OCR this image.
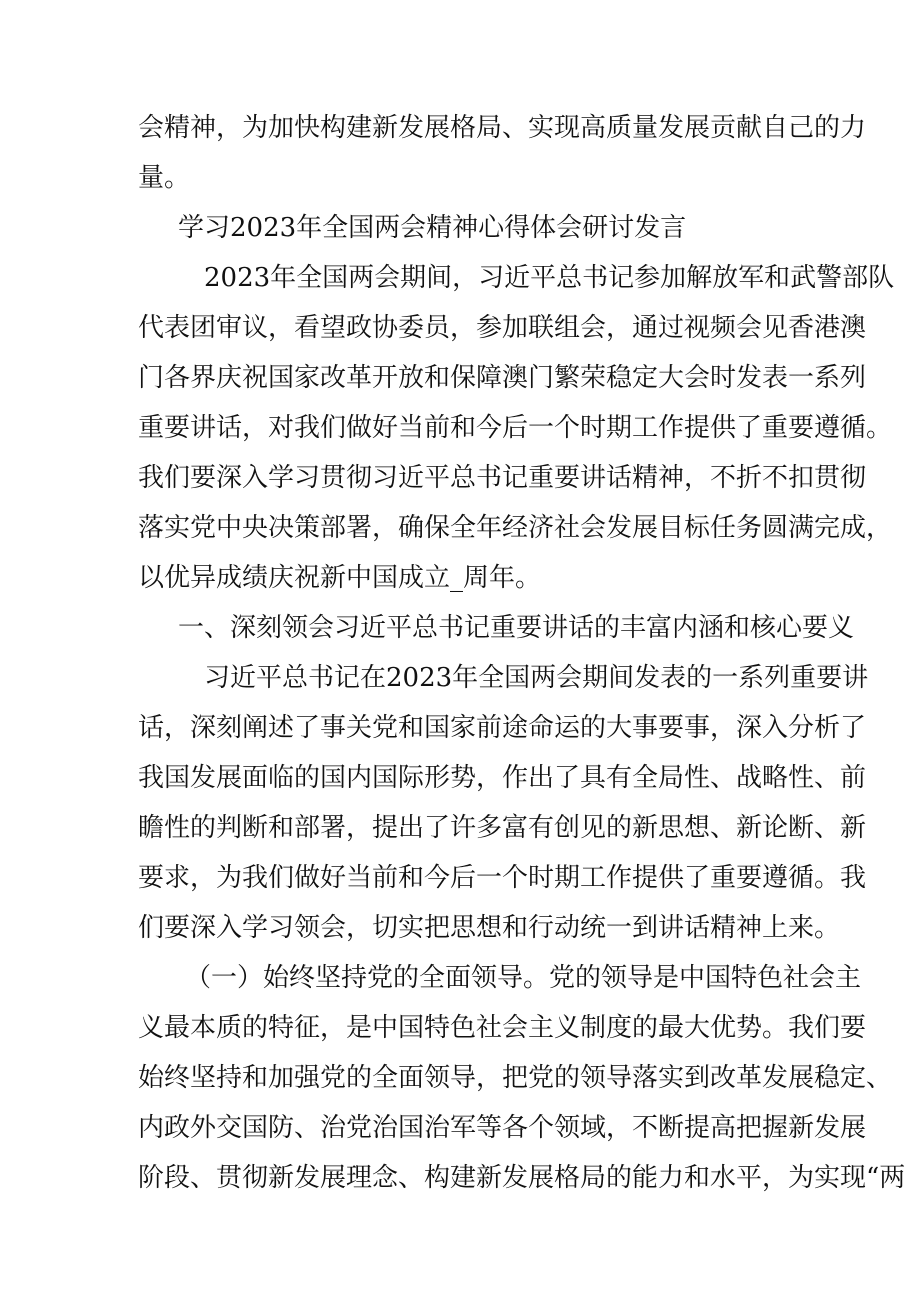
会精神，为加快构建新发展格局、实现高质量发展贡献自己的力
量。
学习2023年全国两会精神心得体会研讨发言
2023年全国两会期间，习近平总书记参加解放军和武警部队
代表团审议，看望政协委员，参加联组会，通过视频会见香港澳
门各界庆祝国家改革开放和保障澳门繁荣稳定大会时发表一系列
重要讲话，对我们做好当前和今后一个时期工作提供了重要遵循。
我们要深入学习贯彻习近平总书记重要讲话精神，不折不扣贯彻
落实党中央决策部署，确保全年经济社会发展目标任务圆满完成，
以优异成绩庆祝新中国成立_周年。
一、深刻领会习近平总书记重要讲话的丰富内涵和核心要义
习近平总书记在2023年全国两会期间发表的一系列重要讲
话，深刻阐述了事关党和国家前途命运的大事要事，深入分析了
我国发展面临的国内国际形势，作出了具有全局性、战略性、前
瞻性的判断和部署，提出了许多富有创见的新思想、新论断、新
要求，为我们做好当前和今后一个时期工作提供了重要遵循。我
们要深入学习领会，切实把思想和行动统一到讲话精神上来。
（一）始终坚持党的全面领导。党的领导是中国特色社会主
义最本质的特征，是中国特色社会主义制度的最大优势。我们要
始终坚持和加强党的全面领导，把党的领导落实到改革发展稳定、
内政外交国防、治党治国治军等各个领域，不断提高把握新发展
阶段、贯彻新发展理念、构建新发展格局的能力和水平，为实现“两
